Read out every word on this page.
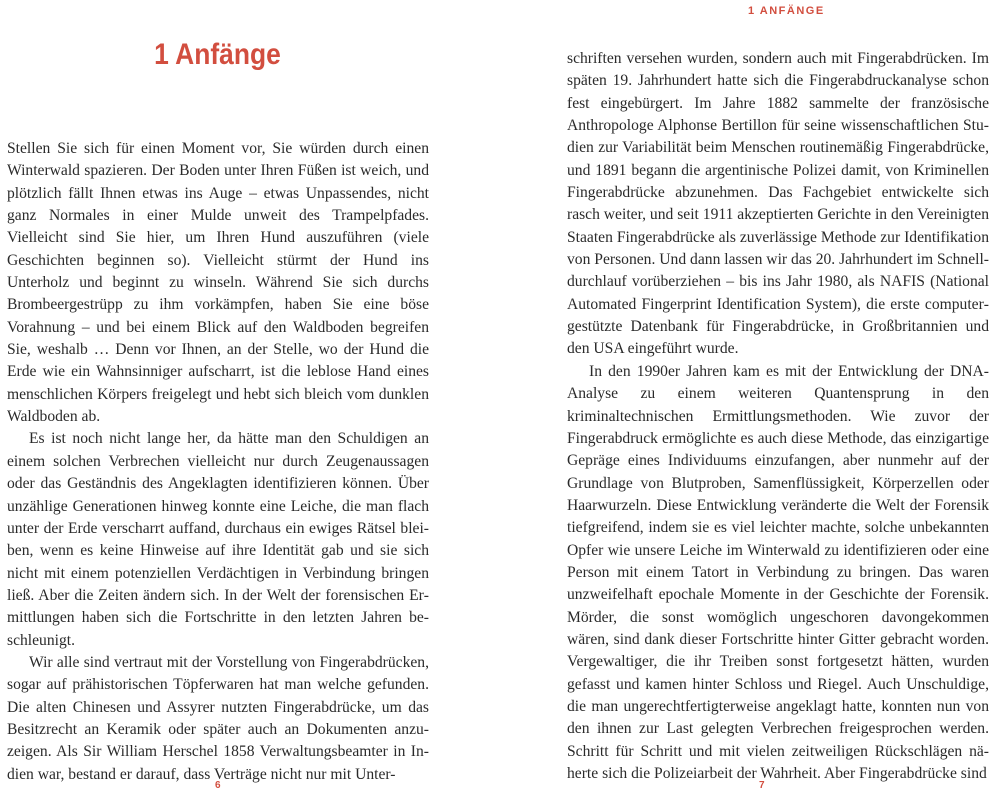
1 ANFÄNGE
1 Anfänge

Stellen Sie sich für einen Moment vor, Sie würden durch einen Winterwald spazieren. Der Boden unter Ihren Füßen ist weich, und plötzlich fällt Ihnen etwas ins Auge – etwas Unpassendes, nicht ganz Normales in einer Mulde unweit des Trampelpfades. Vielleicht sind Sie hier, um Ihren Hund auszuführen (viele Geschichten beginnen so). Vielleicht stürmt der Hund ins Unterholz und beginnt zu winseln. Während Sie sich durchs Brombeergestrüpp zu ihm vorkämpfen, haben Sie eine böse Vorahnung – und bei einem Blick auf den Waldboden begreifen Sie, weshalb … Denn vor Ihnen, an der Stelle, wo der Hund die Erde wie ein Wahnsinniger aufscharrt, ist die leblose Hand eines menschlichen Körpers freigelegt und hebt sich bleich vom dunklen Waldboden ab.

Es ist noch nicht lange her, da hätte man den Schuldigen an einem solchen Verbrechen vielleicht nur durch Zeugenaussagen oder das Geständnis des Angeklagten identifizieren können. Über unzählige Generationen hinweg konnte eine Leiche, die man flach unter der Erde verscharrt auffand, durchaus ein ewiges Rätsel bleiben, wenn es keine Hinweise auf ihre Identität gab und sie sich nicht mit einem potenziellen Verdächtigen in Verbindung bringen ließ. Aber die Zeiten ändern sich. In der Welt der forensischen Ermittlungen haben sich die Fortschritte in den letzten Jahren beschleunigt.

Wir alle sind vertraut mit der Vorstellung von Fingerabdrücken, sogar auf prähistorischen Töpferwaren hat man welche gefunden. Die alten Chinesen und Assyrer nutzten Fingerabdrücke, um das Besitzrecht an Keramik oder später auch an Dokumenten anzuzeigen. Als Sir William Herschel 1858 Verwaltungsbeamter in Indien war, bestand er darauf, dass Verträge nicht nur mit Unter-

schriften versehen wurden, sondern auch mit Fingerabdrücken. Im späten 19. Jahrhundert hatte sich die Fingerabdruckanalyse schon fest eingebürgert. Im Jahre 1882 sammelte der französische Anthropologe Alphonse Bertillon für seine wissenschaftlichen Studien zur Variabilität beim Menschen routinemäßig Fingerabdrücke, und 1891 begann die argentinische Polizei damit, von Kriminellen Fingerabdrücke abzunehmen. Das Fachgebiet entwickelte sich rasch weiter, und seit 1911 akzeptierten Gerichte in den Vereinigten Staaten Fingerabdrücke als zuverlässige Methode zur Identifikation von Personen. Und dann lassen wir das 20. Jahrhundert im Schnelldurchlauf vorüberziehen – bis ins Jahr 1980, als NAFIS (National Automated Fingerprint Identification System), die erste computergestützte Datenbank für Fingerabdrücke, in Großbritannien und den USA eingeführt wurde.

In den 1990er Jahren kam es mit der Entwicklung der DNA-Analyse zu einem weiteren Quantensprung in den kriminaltechnischen Ermittlungsmethoden. Wie zuvor der Fingerabdruck ermöglichte es auch diese Methode, das einzigartige Gepräge eines Individuums einzufangen, aber nunmehr auf der Grundlage von Blutproben, Samenflüssigkeit, Körperzellen oder Haarwurzeln. Diese Entwicklung veränderte die Welt der Forensik tiefgreifend, indem sie es viel leichter machte, solche unbekannten Opfer wie unsere Leiche im Winterwald zu identifizieren oder eine Person mit einem Tatort in Verbindung zu bringen. Das waren unzweifelhaft epochale Momente in der Geschichte der Forensik. Mörder, die sonst womöglich ungeschoren davongekommen wären, sind dank dieser Fortschritte hinter Gitter gebracht worden. Vergewaltiger, die ihr Treiben sonst fortgesetzt hätten, wurden gefasst und kamen hinter Schloss und Riegel. Auch Unschuldige, die man ungerechtfertigterweise angeklagt hatte, konnten nun von den ihnen zur Last gelegten Verbrechen freigesprochen werden. Schritt für Schritt und mit vielen zeitweiligen Rückschlägen näherte sich die Polizeiarbeit der Wahrheit. Aber Fingerabdrücke sind

6	7
